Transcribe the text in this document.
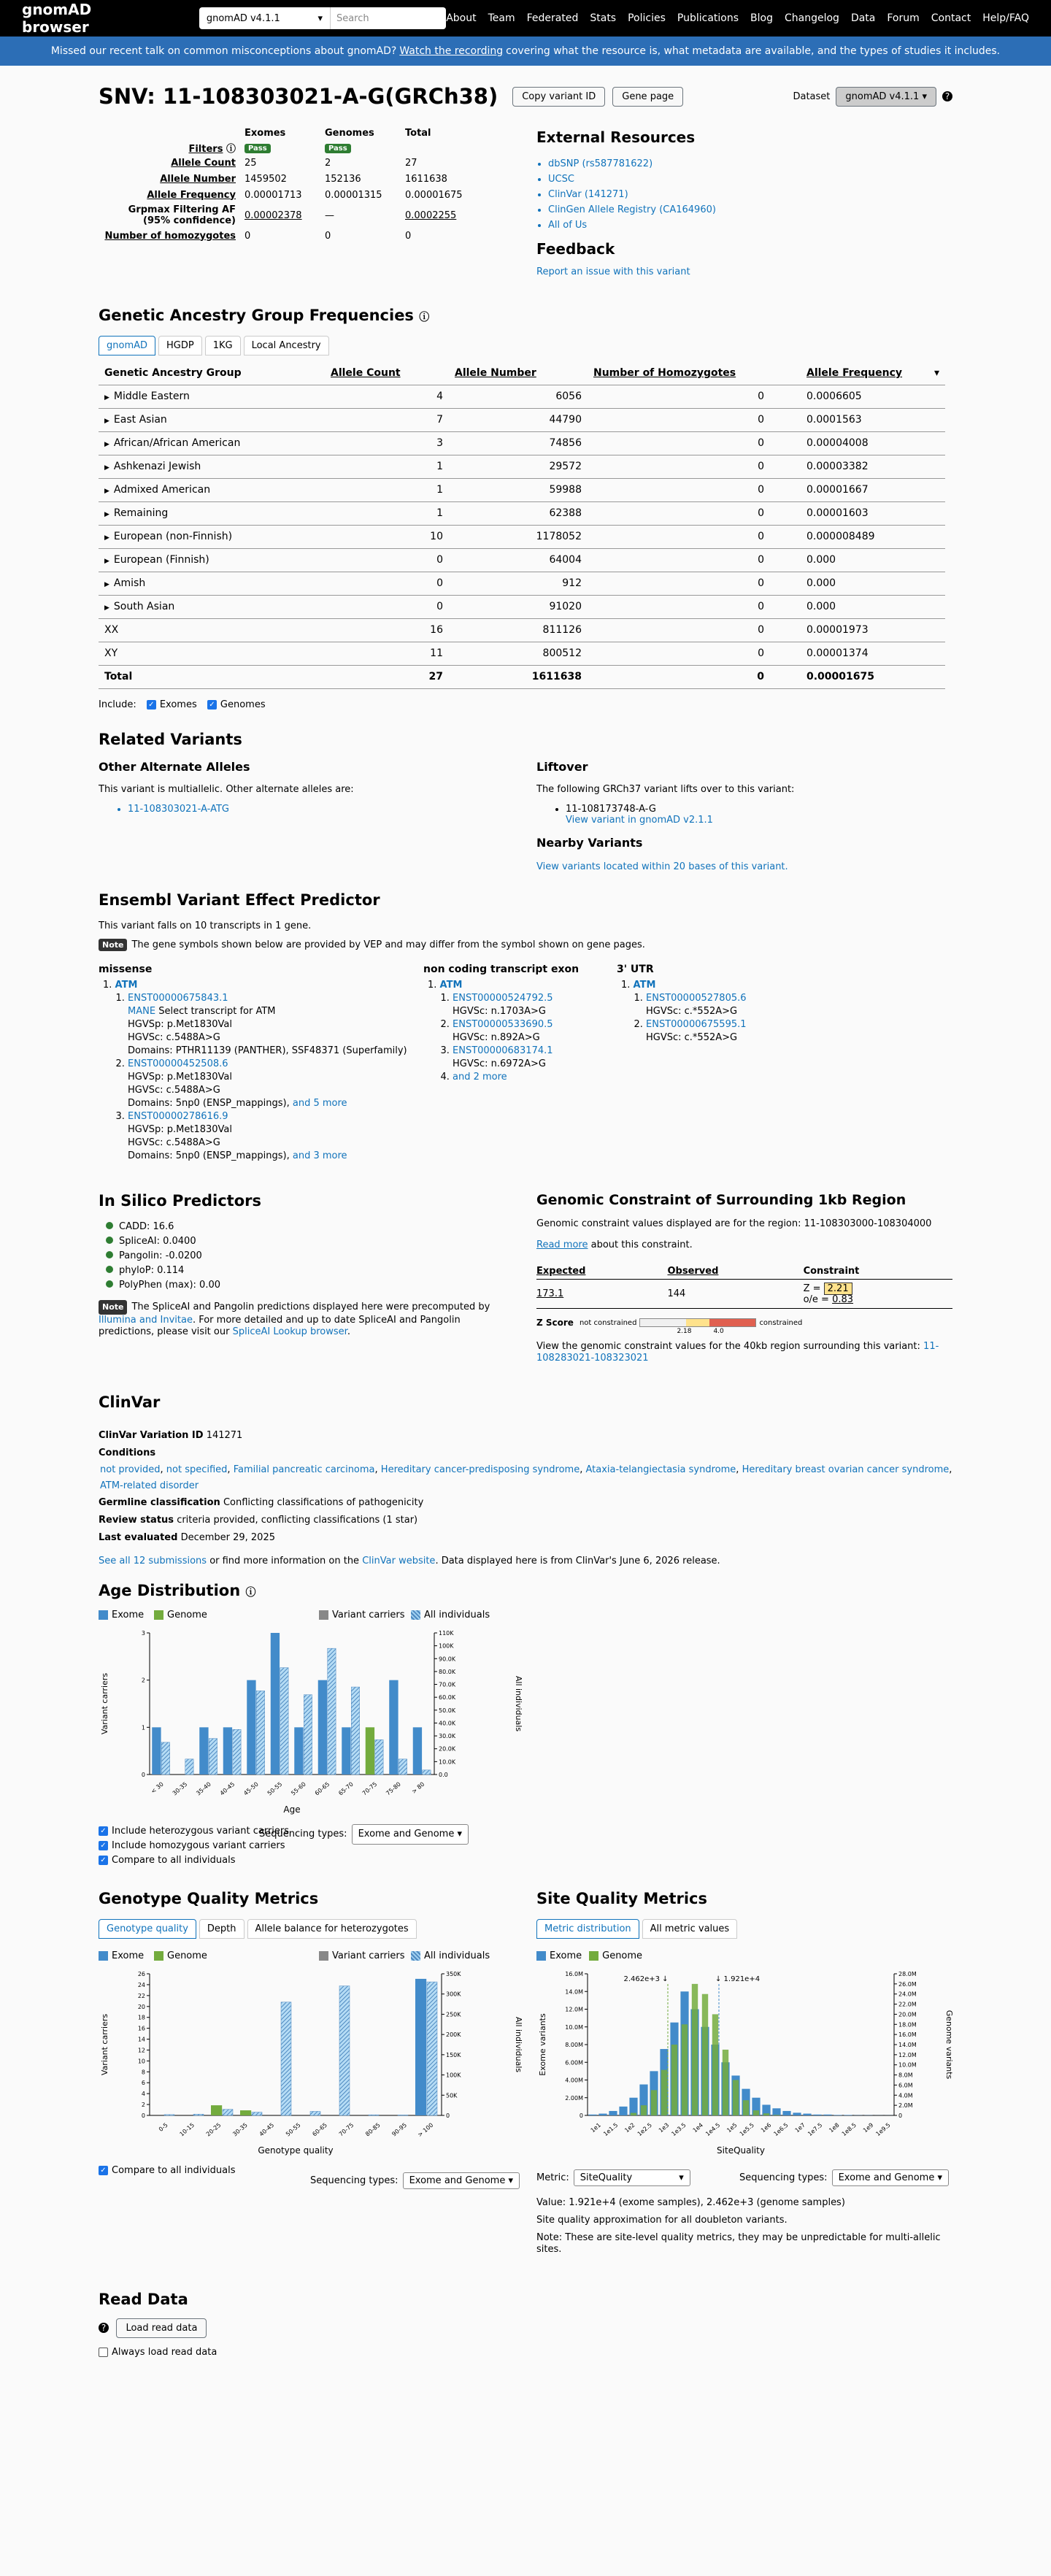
gnomAD browser	gnomAD v4.1.1	▾	Search	About Team Federated Stats Policies Publications Blog Changelog Data Forum Contact Help/FAQ
Missed our recent talk on common misconceptions about gnomAD? Watch the recording covering what the resource is, what metadata are available, and the types of studies it includes.
SNV: 11-108303021-A-G(GRCh38)	Copy variant ID	Gene page	Dataset	gnomAD v4.1.1 ▾	?
	Exomes	Genomes	Total
Filters ⓘ	Pass	Pass	
Allele Count	25	2	27
Allele Number	1459502	152136	1611638
Allele Frequency	0.00001713	0.00001315	0.00001675
Grpmax Filtering AF
(95% confidence)	0.00002378	—	0.0002255
Number of homozygotes	0	0	0
External Resources
• dbSNP (rs587781622)
• UCSC
• ClinVar (141271)
• ClinGen Allele Registry (CA164960)
• All of Us
Feedback
Report an issue with this variant
Genetic Ancestry Group Frequencies ⓘ
gnomAD	HGDP	1KG	Local Ancestry
Genetic Ancestry Group	Allele Count	Allele Number	Number of Homozygotes	Allele Frequency ▾

▶ Middle Eastern	4	6056	0	0.0006605
▶ East Asian	7	44790	0	0.0001563
▶ African/African American	3	74856	0	0.00004008
▶ Ashkenazi Jewish	1	29572	0	0.00003382
▶ Admixed American	1	59988	0	0.00001667
▶ Remaining	1	62388	0	0.00001603
▶ European (non-Finnish)	10	1178052	0	0.000008489
▶ European (Finnish)	0	64004	0	0.000
▶ Amish	0	912	0	0.000
▶ South Asian	0	91020	0	0.000
XX	16	811126	0	0.00001973
XY	11	800512	0	0.00001374
Total	27	1611638	0	0.00001675
Include: ✓ Exomes ✓ Genomes
Related Variants
Other Alternate Alleles
This variant is multiallelic. Other alternate alleles are:
• 11-108303021-A-ATG
Liftover
The following GRCh37 variant lifts over to this variant:
• 11-108173748-A-G
View variant in gnomAD v2.1.1
Nearby Variants
View variants located within 20 bases of this variant.
Ensembl Variant Effect Predictor
This variant falls on 10 transcripts in 1 gene.
Note The gene symbols shown below are provided by VEP and may differ from the symbol shown on gene pages.
missense
1. ATM
1. ENST00000675843.1
MANE Select transcript for ATM
HGVSp: p.Met1830Val
HGVSc: c.5488A>G
Domains: PTHR11139 (PANTHER), SSF48371 (Superfamily)
2. ENST00000452508.6
HGVSp: p.Met1830Val
HGVSc: c.5488A>G
Domains: 5np0 (ENSP_mappings), and 5 more
3. ENST00000278616.9
HGVSp: p.Met1830Val
HGVSc: c.5488A>G
Domains: 5np0 (ENSP_mappings), and 3 more
non coding transcript exon
1. ATM
1. ENST00000524792.5
HGVSc: n.1703A>G
2. ENST00000533690.5
HGVSc: n.892A>G
3. ENST00000683174.1
HGVSc: n.6972A>G
4. and 2 more
3' UTR
1. ATM
1. ENST00000527805.6
HGVSc: c.*552A>G
2. ENST00000675595.1
HGVSc: c.*552A>G
In Silico Predictors
CADD: 16.6
SpliceAI: 0.0400
Pangolin: -0.0200
phyloP: 0.114
PolyPhen (max): 0.00
Note The SpliceAI and Pangolin predictions displayed here were precomputed by Illumina and Invitae. For more detailed and up to date SpliceAI and Pangolin predictions, please visit our SpliceAI Lookup browser.
Genomic Constraint of Surrounding 1kb Region
Genomic constraint values displayed are for the region: 11-108303000-108304000
Read more about this constraint.
Expected	Observed	Constraint
173.1	144	Z = 2.21
o/e = 0.83
Z Score not constrained
2.18	4.0
constrained
View the genomic constraint values for the 40kb region surrounding this variant: 11-108283021-108323021
ClinVar
ClinVar Variation ID 141271
Conditions
not provided, not specified, Familial pancreatic carcinoma, Hereditary cancer-predisposing syndrome, Ataxia-telangiectasia syndrome, Hereditary breast ovarian cancer syndrome, ATM-related disorder
Germline classification Conflicting classifications of pathogenicity
Review status criteria provided, conflicting classifications (1 star)
Last evaluated December 29, 2025
See all 12 submissions or find more information on the ClinVar website. Data displayed here is from ClinVar's June 6, 2026 release.
Age Distribution ⓘ
Exome	Genome	Variant carriers	All individuals
0
1
2
3
0.0
10.0K
20.0K
30.0K
40.0K
50.0K
60.0K
70.0K
80.0K
90.0K
100K
110K
< 30 30-35 35-40 40-45 45-50 50-55 55-60 60-65 65-70 70-75 75-80 > 80
Age
Variant carriers	All individuals
✓ Include heterozygous variant carriers
✓ Include homozygous variant carriers
✓ Compare to all individuals
Sequencing types: Exome and Genome ▾
Genotype Quality Metrics
Genotype quality	Depth	Allele balance for heterozygotes
Exome	Genome	Variant carriers	All individuals
0
2
4
6
8
10
12
14
16
18
20
22
24
26
0
50K
100K
150K
200K
250K
300K
350K
0-5 10-15 20-25 30-35 40-45 50-55 60-65 70-75 80-85 90-95 > 100
Genotype quality
Variant carriers	All individuals
✓ Compare to all individuals
Sequencing types: Exome and Genome ▾
Site Quality Metrics
Metric distribution	All metric values
Exome Genome
0
2.00M
4.00M
6.00M
8.00M
10.0M
12.0M
14.0M
16.0M
0
2.0M
4.0M
6.0M
8.0M
10.0M
12.0M
14.0M
16.0M
18.0M
20.0M
22.0M
24.0M
26.0M
28.0M
1e1 1e1.5 1e2 1e2.5 1e3 1e3.5 1e4 1e4.5 1e5 1e5.5 1e6 1e6.5 1e7 1e7.5 1e8 1e8.5 1e9 1e9.5
SiteQuality
Exome variants	Genome variants
2.462e+3 ↓	↓ 1.921e+4
Metric: SiteQuality	▾	Sequencing types: Exome and Genome ▾
Value: 1.921e+4 (exome samples), 2.462e+3 (genome samples)
Site quality approximation for all doubleton variants.
Note: These are site-level quality metrics, they may be unpredictable for multi-allelic sites.
Read Data
? Load read data
Always load read data
